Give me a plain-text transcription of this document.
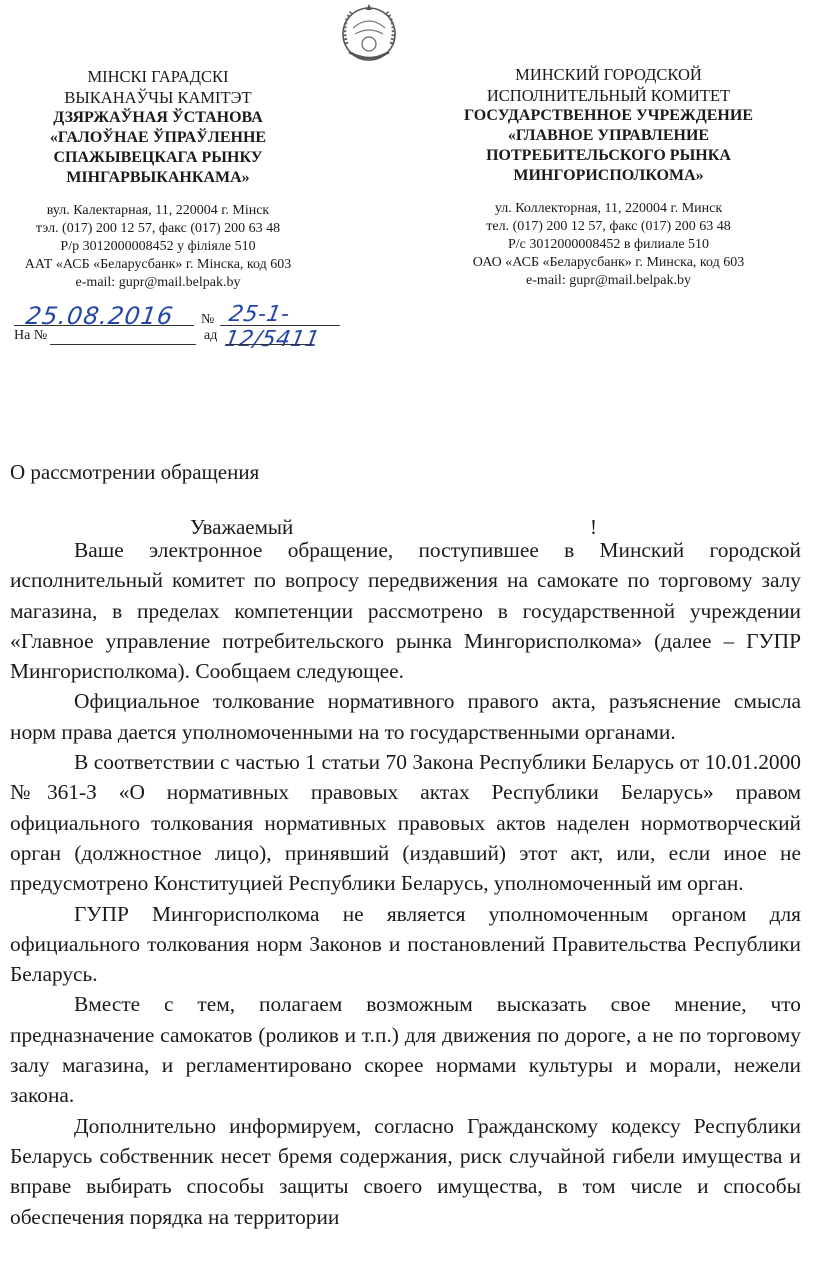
МІНСКІ ГАРАДСКІ
ВЫКАНАЎЧЫ КАМІТЭТ
ДЗЯРЖАЎНАЯ ЎСТАНОВА
«ГАЛОЎНАЕ ЎПРАЎЛЕННЕ
СПАЖЫВЕЦКАГА РЫНКУ
МІНГАРВЫКАНКАМА»
вул. Калектарная, 11, 220004 г. Мінск
тэл. (017) 200 12 57, факс (017) 200 63 48
Р/р 3012000008452 у філіяле 510
ААТ «АСБ «Беларусбанк» г. Мінска, код 603
e-mail: gupr@mail.belpak.by
МИНСКИЙ ГОРОДСКОЙ
ИСПОЛНИТЕЛЬНЫЙ КОМИТЕТ
ГОСУДАРСТВЕННОЕ УЧРЕЖДЕНИЕ
«ГЛАВНОЕ УПРАВЛЕНИЕ
ПОТРЕБИТЕЛЬСКОГО РЫНКА
МИНГОРИСПОЛКОМА»
ул. Коллекторная, 11, 220004 г. Минск
тел. (017) 200 12 57, факс (017) 200 63 48
Р/с 3012000008452 в филиале 510
ОАО «АСБ «Беларусбанк» г. Минска, код 603
e-mail: gupr@mail.belpak.by
25.08.2016 № 25-1-12/5411
На №	ад
О рассмотрении обращения
Уважаемый	!

Ваше электронное обращение, поступившее в Минский городской исполнительный комитет по вопросу передвижения на самокате по торговому залу магазина, в пределах компетенции рассмотрено в государственной учреждении «Главное управление потребительского рынка Мингорисполкома» (далее – ГУПР Мингорисполкома). Сообщаем следующее.

Официальное толкование нормативного правого акта, разъяснение смысла норм права дается уполномоченными на то государственными органами.

В соответствии с частью 1 статьи 70 Закона Республики Беларусь от 10.01.2000 №361-З «О нормативных правовых актах Республики Беларусь» правом официального толкования нормативных правовых актов наделен нормотворческий орган (должностное лицо), принявший (издавший) этот акт, или, если иное не предусмотрено Конституцией Республики Беларусь, уполномоченный им орган.

ГУПР Мингорисполкома не является уполномоченным органом для официального толкования норм Законов и постановлений Правительства Республики Беларусь.

Вместе с тем, полагаем возможным высказать свое мнение, что предназначение самокатов (роликов и т.п.) для движения по дороге, а не по торговому залу магазина, и регламентировано скорее нормами культуры и морали, нежели закона.

Дополнительно информируем, согласно Гражданскому кодексу Республики Беларусь собственник несет бремя содержания, риск случайной гибели имущества и вправе выбирать способы защиты своего имущества, в том числе и способы обеспечения порядка на территории
